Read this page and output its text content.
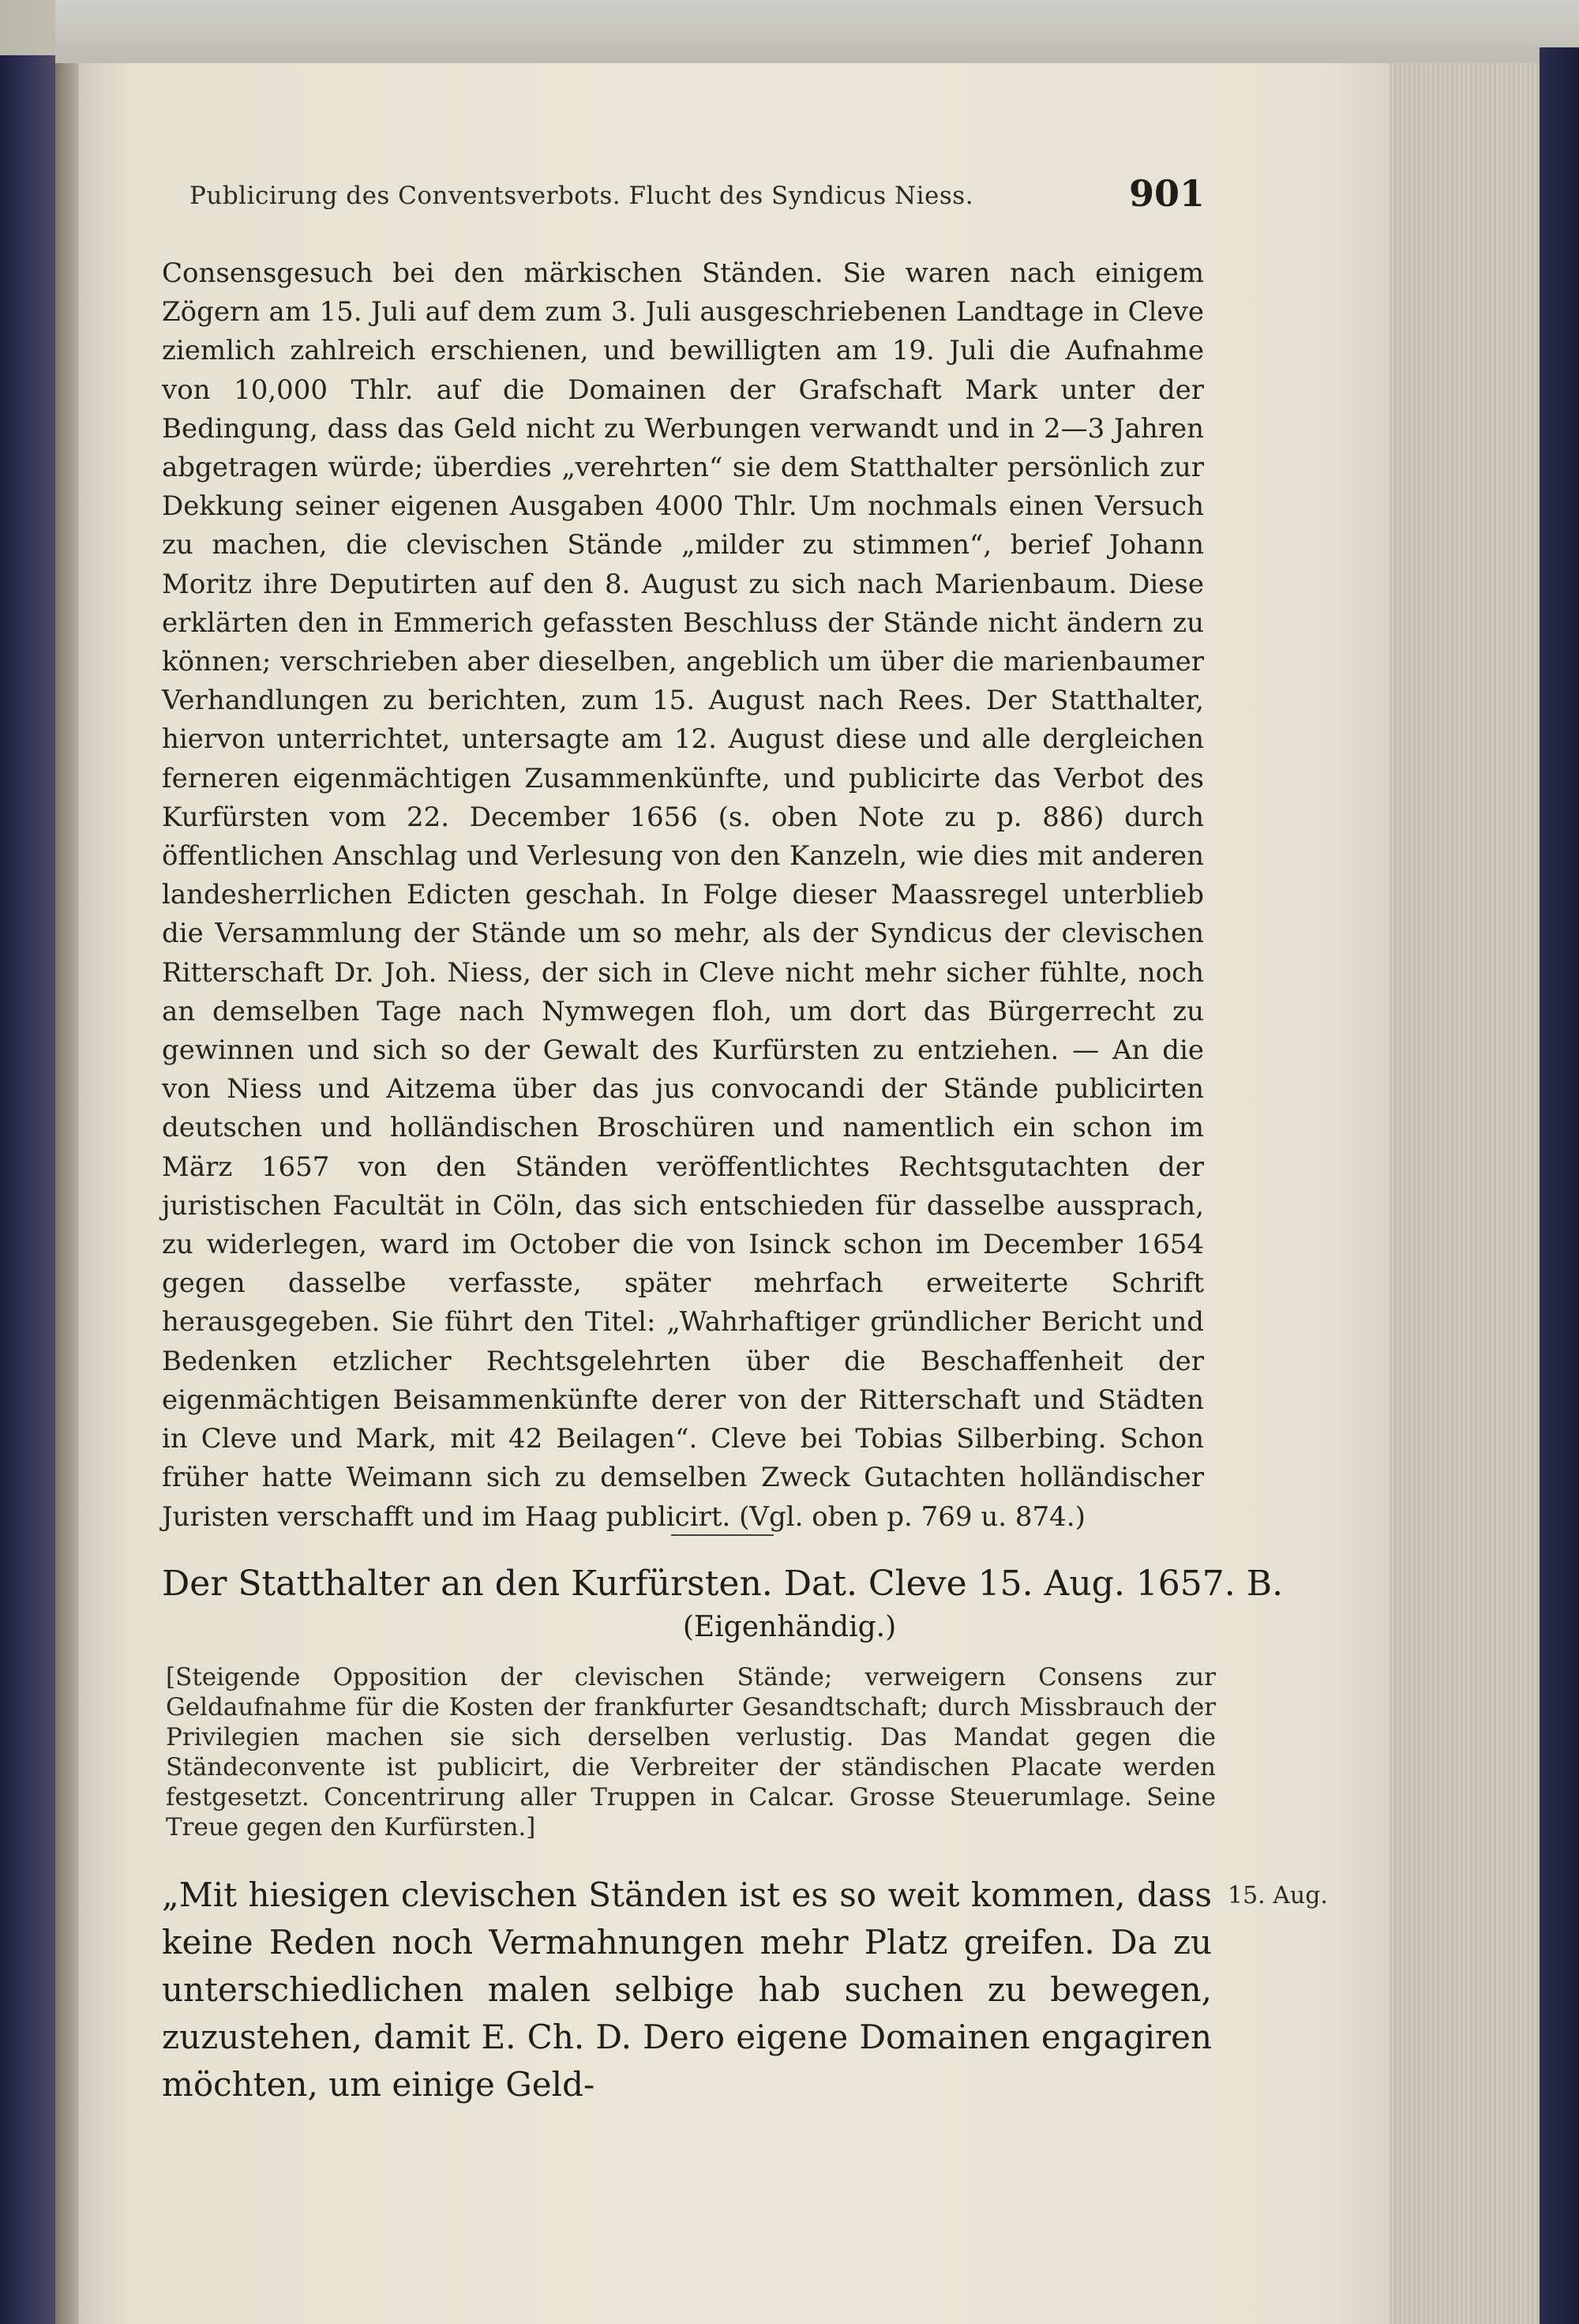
Publicirung des Conventsverbots. Flucht des Syndicus Niess.	901

Consensgesuch bei den märkischen Ständen. Sie waren nach einigem Zögern am 15. Juli auf dem zum 3. Juli ausgeschriebenen Landtage in Cleve ziemlich zahlreich erschienen, und bewilligten am 19. Juli die Aufnahme von 10,000 Thlr. auf die Domainen der Grafschaft Mark unter der Bedingung, dass das Geld nicht zu Werbungen verwandt und in 2—3 Jahren abgetragen würde; überdies „verehrten“ sie dem Statthalter persönlich zur Dekkung seiner eigenen Ausgaben 4000 Thlr. Um nochmals einen Versuch zu machen, die clevischen Stände „milder zu stimmen“, berief Johann Moritz ihre Deputirten auf den 8. August zu sich nach Marienbaum. Diese erklärten den in Emmerich gefassten Beschluss der Stände nicht ändern zu können; verschrieben aber dieselben, angeblich um über die marienbaumer Verhandlungen zu berichten, zum 15. August nach Rees. Der Statthalter, hiervon unterrichtet, untersagte am 12. August diese und alle dergleichen ferneren eigenmächtigen Zusammenkünfte, und publicirte das Verbot des Kurfürsten vom 22. December 1656 (s. oben Note zu p. 886) durch öffentlichen Anschlag und Verlesung von den Kanzeln, wie dies mit anderen landesherrlichen Edicten geschah. In Folge dieser Maassregel unterblieb die Versammlung der Stände um so mehr, als der Syndicus der clevischen Ritterschaft Dr. Joh. Niess, der sich in Cleve nicht mehr sicher fühlte, noch an demselben Tage nach Nymwegen floh, um dort das Bürgerrecht zu gewinnen und sich so der Gewalt des Kurfürsten zu entziehen. — An die von Niess und Aitzema über das jus convocandi der Stände publicirten deutschen und holländischen Broschüren und namentlich ein schon im März 1657 von den Ständen veröffentlichtes Rechtsgutachten der juristischen Facultät in Cöln, das sich entschieden für dasselbe aussprach, zu widerlegen, ward im October die von Isinck schon im December 1654 gegen dasselbe verfasste, später mehrfach erweiterte Schrift herausgegeben. Sie führt den Titel: „Wahrhaftiger gründlicher Bericht und Bedenken etzlicher Rechtsgelehrten über die Beschaffenheit der eigenmächtigen Beisammenkünfte derer von der Ritterschaft und Städten in Cleve und Mark, mit 42 Beilagen“. Cleve bei Tobias Silberbing. Schon früher hatte Weimann sich zu demselben Zweck Gutachten holländischer Juristen verschafft und im Haag publicirt. (Vgl. oben p. 769 u. 874.)

Der Statthalter an den Kurfürsten. Dat. Cleve 15. Aug. 1657. B.
(Eigenhändig.)

[Steigende Opposition der clevischen Stände; verweigern Consens zur Geldaufnahme für die Kosten der frankfurter Gesandtschaft; durch Missbrauch der Privilegien machen sie sich derselben verlustig. Das Mandat gegen die Ständeconvente ist publicirt, die Verbreiter der ständischen Placate werden festgesetzt. Concentrirung aller Truppen in Calcar. Grosse Steuerumlage. Seine Treue gegen den Kurfürsten.]

„Mit hiesigen clevischen Ständen ist es so weit kommen, dass keine Reden noch Vermahnungen mehr Platz greifen. Da zu unterschiedlichen malen selbige hab suchen zu bewegen, zuzustehen, damit E. Ch. D. Dero eigene Domainen engagiren möchten, um einige Geld-

15. Aug.
